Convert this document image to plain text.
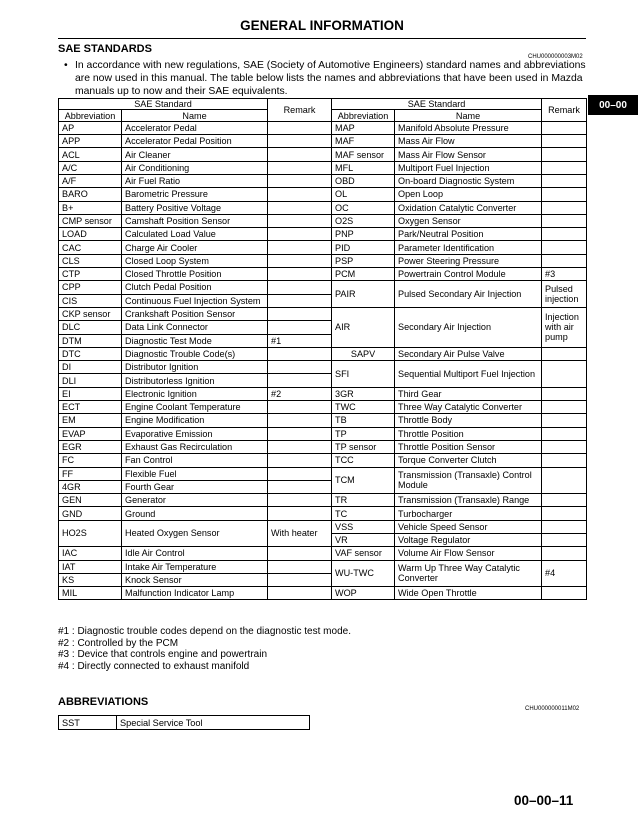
GENERAL INFORMATION
00–00
SAE STANDARDS
CHU000000003M02
• In accordance with new regulations, SAE (Society of Automotive Engineers) standard names and abbreviations are now used in this manual. The table below lists the names and abbreviations that have been used in Mazda manuals up to now and their SAE equivalents.
SAE Standard		Remark	SAE Standard		Remark
Abbreviation	Name		Abbreviation	Name	
AP	Accelerator Pedal		MAP	Manifold Absolute Pressure	
APP	Accelerator Pedal Position		MAF	Mass Air Flow	
ACL	Air Cleaner		MAF sensor	Mass Air Flow Sensor	
A/C	Air Conditioning		MFL	Multiport Fuel Injection	
A/F	Air Fuel Ratio		OBD	On-board Diagnostic System	
BARO	Barometric Pressure		OL	Open Loop	
B+	Battery Positive Voltage		OC	Oxidation Catalytic Converter	
CMP sensor	Camshaft Position Sensor		O2S	Oxygen Sensor	
LOAD	Calculated Load Value		PNP	Park/Neutral Position	
CAC	Charge Air Cooler		PID	Parameter Identification	
CLS	Closed Loop System		PSP	Power Steering Pressure	
CTP	Closed Throttle Position		PCM	Powertrain Control Module	#3
CPP	Clutch Pedal Position		PAIR	Pulsed Secondary Air Injection	Pulsed injection
CIS	Continuous Fuel Injection System				
CKP sensor	Crankshaft Position Sensor		AIR	Secondary Air Injection	Injection with air pump
DLC	Data Link Connector				
DTM	Diagnostic Test Mode	#1			
DTC	Diagnostic Trouble Code(s)		SAPV	Secondary Air Pulse Valve	
DI	Distributor Ignition		SFI	Sequential Multiport Fuel Injection	
DLI	Distributorless Ignition				
EI	Electronic Ignition	#2	3GR	Third Gear	
ECT	Engine Coolant Temperature		TWC	Three Way Catalytic Converter	
EM	Engine Modification		TB	Throttle Body	
EVAP	Evaporative Emission		TP	Throttle Position	
EGR	Exhaust Gas Recirculation		TP sensor	Throttle Position Sensor	
FC	Fan Control		TCC	Torque Converter Clutch	
FF	Flexible Fuel		TCM	Transmission (Transaxle) Control Module	
4GR	Fourth Gear				
GEN	Generator		TR	Transmission (Transaxle) Range	
GND	Ground		TC	Turbocharger	
HO2S	Heated Oxygen Sensor	With heater	VSS	Vehicle Speed Sensor	
			VR	Voltage Regulator	
IAC	Idle Air Control		VAF sensor	Volume Air Flow Sensor	
IAT	Intake Air Temperature		WU-TWC	Warm Up Three Way Catalytic Converter	#4
KS	Knock Sensor				
MIL	Malfunction Indicator Lamp		WOP	Wide Open Throttle	
#1 : Diagnostic trouble codes depend on the diagnostic test mode.
#2 : Controlled by the PCM
#3 : Device that controls engine and powertrain
#4 : Directly connected to exhaust manifold
ABBREVIATIONS
CHU000000011M02
SST	Special Service Tool
00–00–11
